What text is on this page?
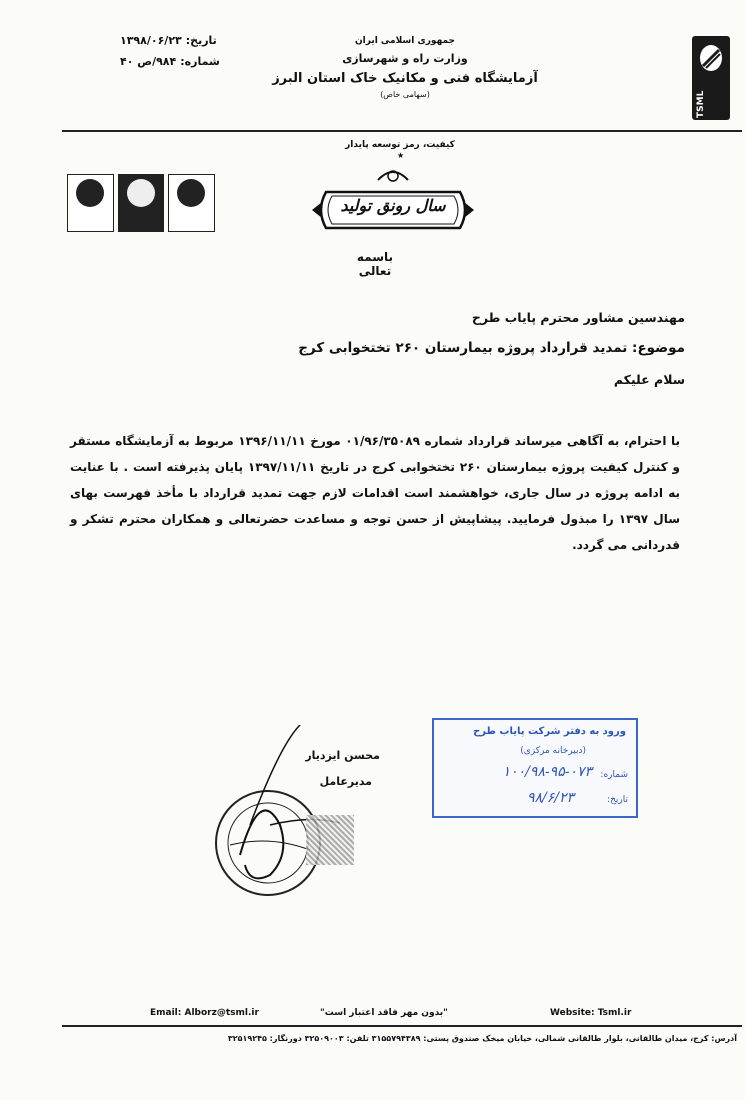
تاریخ:
۱۳۹۸/۰۶/۲۳
شماره:
۹۸۴/ص ۴۰
جمهوری اسلامی ایران
وزارت راه و شهرسازی
آزمایشگاه فنی و مکانیک خاک استان البرز
(سهامی خاص)	TSML
کیفیت، رمز توسعه پایدار
★
سال رونق تولید
باسمه تعالی
مهندسین مشاور محترم پایاب طرح
موضوع: تمدید قرارداد پروژه بیمارستان ۲۶۰ تختخوابی کرج
سلام علیکم
با احترام، به آگاهی میرساند قرارداد شماره ۰۱/۹۶/۳۵۰۸۹ مورخ ۱۳۹۶/۱۱/۱۱ مربوط به آزمایشگاه مستقر و کنترل کیفیت پروژه بیمارستان ۲۶۰ تختخوابی کرج در تاریخ ۱۳۹۷/۱۱/۱۱ پایان پذیرفته است . با عنایت به ادامه پروژه در سال جاری، خواهشمند است اقدامات لازم جهت تمدید قرارداد با مأخذ فهرست بهای سال ۱۳۹۷ را مبذول فرمایید. پیشاپیش از حسن توجه و مساعدت حضرتعالی و همکاران محترم تشکر و قدردانی می گردد.
محسن ایزدیار
مدیرعامل
ورود به دفتر شرکت پایاب طرح
(دبیرخانه مرکزی)
شماره:
۱۰۰/۹۸-۹۵-۰۷۳
تاریخ:
۹۸/۶/۲۳
Email: Alborz@tsml.ir	"بدون مهر فاقد اعتبار است"	Website: Tsml.ir
آدرس: کرج، میدان طالقانی، بلوار طالقانی شمالی، خیابان میخک صندوق پستی: ۳۱۵۵۷۹۴۳۸۹ تلفن: ۳۲۵۰۹۰۰۳ دورنگار: ۳۲۵۱۹۲۴۵
